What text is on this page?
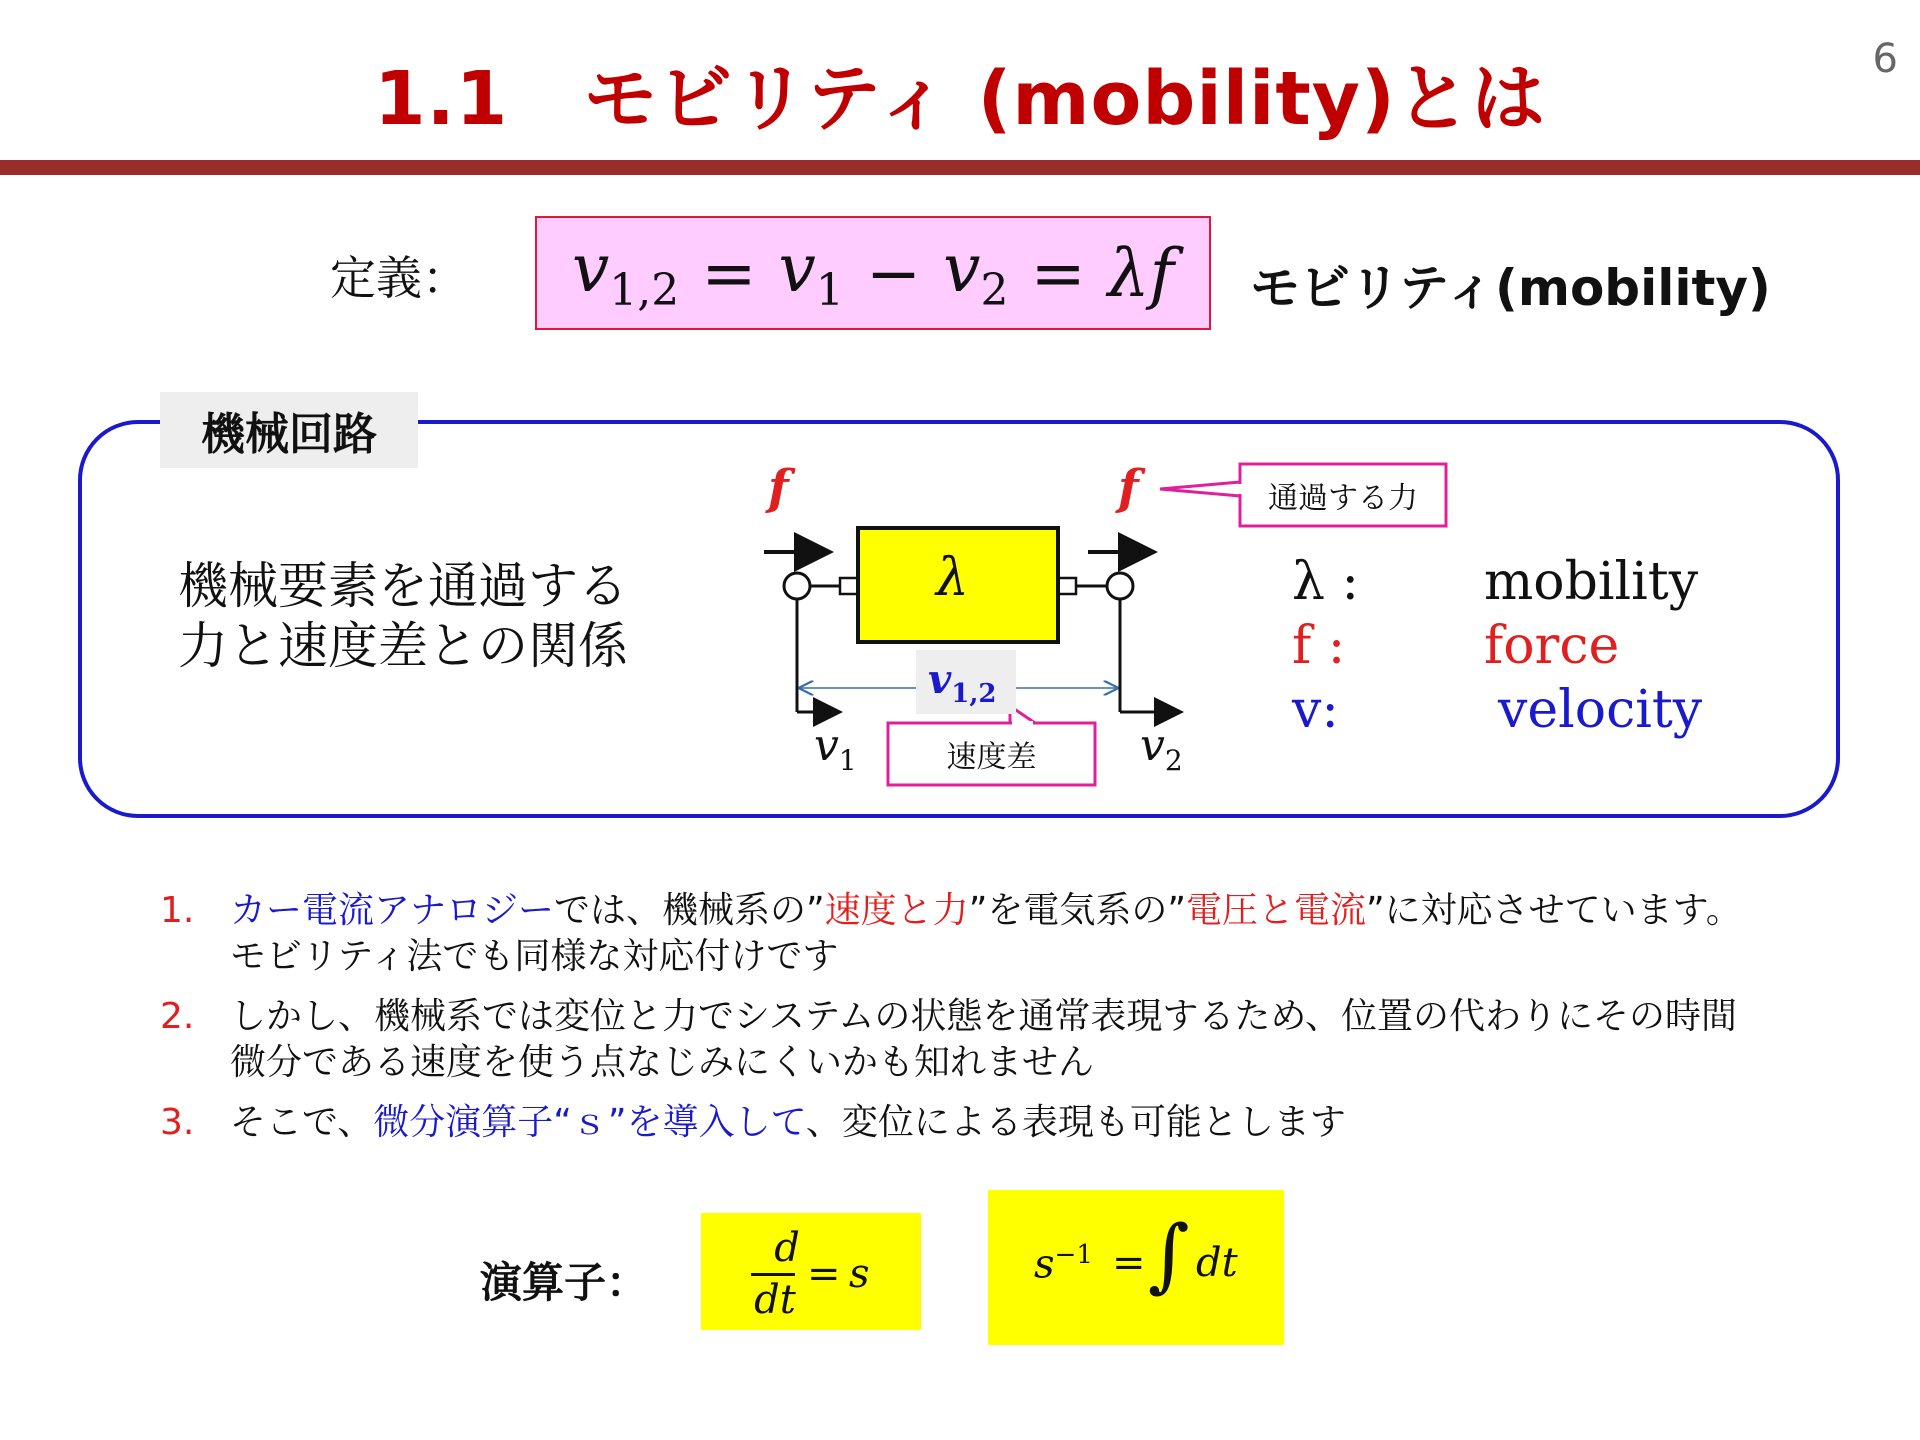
1.1　モビリティ (mobility)とは	6
定義： $v_{1,2} = v_1 - v_2 = \lambda f$ モビリティ(mobility)
機械回路
機械要素を通過する
力と速度差との関係
f	f
λ
$v_{1,2}$
$v_1$	$v_2$
通過する力
速度差
λ : mobility
f :	force
v:	velocity
1. カー電流アナロジーでは、機械系の”速度と力”を電気系の”電圧と電流”に対応させています。
モビリティ法でも同様な対応付けです
2. しかし、機械系では変位と力でシステムの状態を通常表現するため、位置の代わりにその時間
微分である速度を使う点なじみにくいかも知れません
3. そこで、微分演算子“ｓ”を導入して、変位による表現も可能とします
演算子：
d
dt
= s	$s^{-1}$ = ∫ dt
